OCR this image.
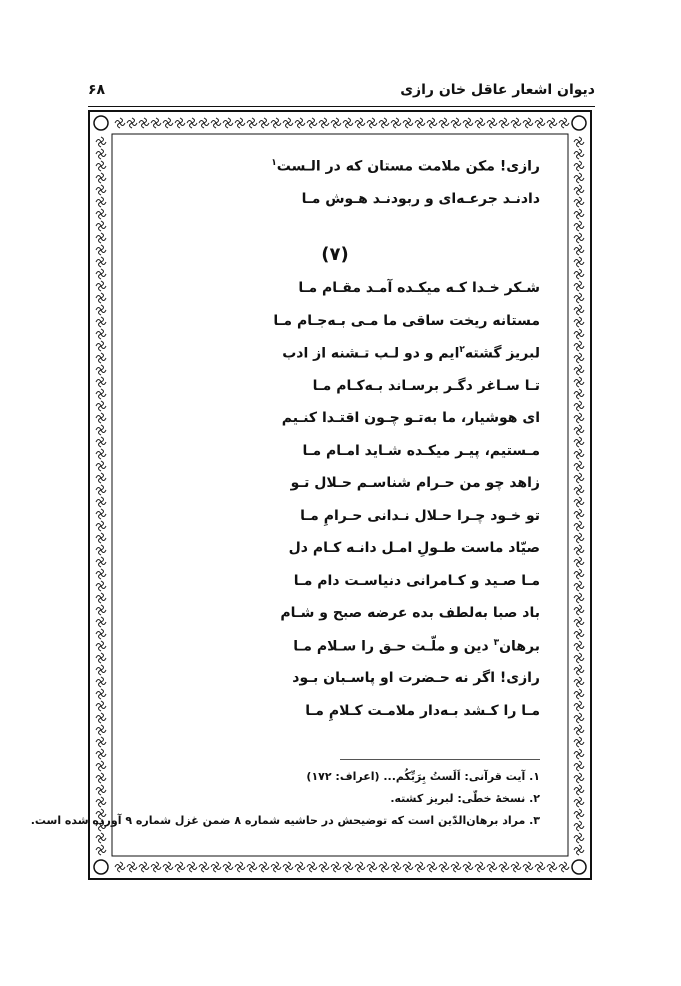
دیوان اشعار عاقل خان رازی
۶۸
رازی! مکن ملامت مستان که در الـست$^۱$
دادنـد جرعـه‌ای و ربودنـد هـوش مـا
(۷)
شـکر خـدا کـه میکـده آمـد مقـام مـا
مستانه ریخت ساقی ما مـی بـه‌جـام مـا
لبریز گشته$^۲$ایم و دو لـب تـشنه از ادب
تـا سـاغر دگـر برسـاند بـه‌کـام مـا
ای هوشیار، ما به‌تـو چـون اقتـدا کنـیم
مـستیم، پیـر میکـده شـاید امـام مـا
زاهد چو من حـرام شناسـم حـلال تـو
تو خـود چـرا حـلال نـدانی حـرامِ مـا
صیّاد ماست طـولِ امـل دانـه کـام دل
مـا صـید و کـامرانی دنیاسـت دام مـا
باد صبا به‌لطف بده عرضه صبح و شـام
برهان$^۳$ دین و ملّـت حـق را سـلام مـا
رازی! اگر نه حـضرت او پاسـبان بـود
مـا را کـشد بـه‌دار ملامـت کـلامِ مـا
۱. آیت قرآنی: اَلَستُ بِرَبِّکُم... (اعراف: ۱۷۲)
۲. نسخهٔ خطّی: لبریز کشته.
۳. مراد برهان‌الدّین است که توضیحش در حاشیه شماره ۸ ضمن غزل شماره ۹ آورده شده است.
